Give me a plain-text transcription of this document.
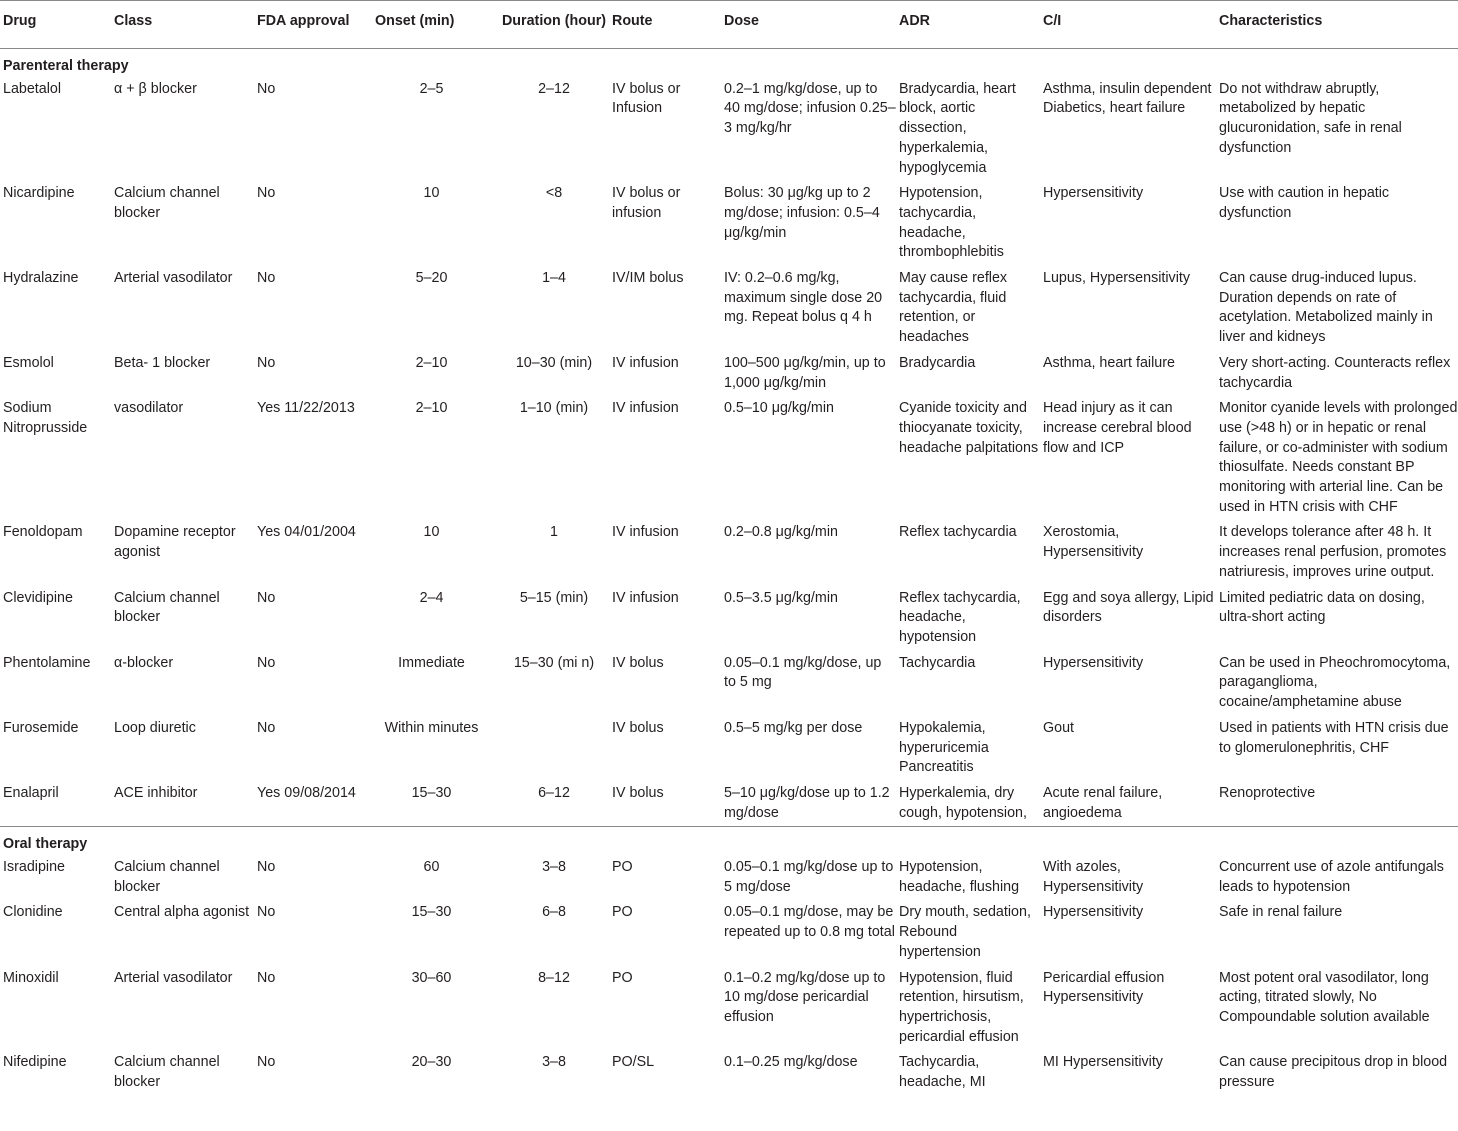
Drug	Class	FDA approval	Onset (min)	Duration (hour)	Route	Dose	ADR	C/I	Characteristics
Parenteral therapy									
Labetalol	α + β blocker	No	2–5	2–12	IV bolus or Infusion	0.2–1 mg/kg/dose, up to 40 mg/dose; infusion 0.25–3 mg/kg/hr	Bradycardia, heart block, aortic dissection, hyperkalemia, hypoglycemia	Asthma, insulin dependent Diabetics, heart failure	Do not withdraw abruptly, metabolized by hepatic glucuronidation, safe in renal dysfunction
Nicardipine	Calcium channel blocker	No	10	<8	IV bolus or infusion	Bolus: 30 μg/kg up to 2 mg/dose; infusion: 0.5–4 μg/kg/min	Hypotension, tachycardia, headache, thrombophlebitis	Hypersensitivity	Use with caution in hepatic dysfunction
Hydralazine	Arterial vasodilator	No	5–20	1–4	IV/IM bolus	IV: 0.2–0.6 mg/kg, maximum single dose 20 mg. Repeat bolus q 4 h	May cause reflex tachycardia, fluid retention, or headaches	Lupus, Hypersensitivity	Can cause drug-induced lupus. Duration depends on rate of acetylation. Metabolized mainly in liver and kidneys
Esmolol	Beta- 1 blocker	No	2–10	10–30 (min)	IV infusion	100–500 μg/kg/min, up to 1,000 μg/kg/min	Bradycardia	Asthma, heart failure	Very short-acting. Counteracts reflex tachycardia
Sodium Nitroprusside	vasodilator	Yes 11/22/2013	2–10	1–10 (min)	IV infusion	0.5–10 μg/kg/min	Cyanide toxicity and thiocyanate toxicity, headache palpitations	Head injury as it can increase cerebral blood flow and ICP	Monitor cyanide levels with prolonged use (>48 h) or in hepatic or renal failure, or co-administer with sodium thiosulfate. Needs constant BP monitoring with arterial line. Can be used in HTN crisis with CHF
Fenoldopam	Dopamine receptor agonist	Yes 04/01/2004	10	1	IV infusion	0.2–0.8 μg/kg/min	Reflex tachycardia	Xerostomia, Hypersensitivity	It develops tolerance after 48 h. It increases renal perfusion, promotes natriuresis, improves urine output.
Clevidipine	Calcium channel blocker	No	2–4	5–15 (min)	IV infusion	0.5–3.5 μg/kg/min	Reflex tachycardia, headache, hypotension	Egg and soya allergy, Lipid disorders	Limited pediatric data on dosing, ultra-short acting
Phentolamine	α-blocker	No	Immediate	15–30 (mi n)	IV bolus	0.05–0.1 mg/kg/dose, up to 5 mg	Tachycardia	Hypersensitivity	Can be used in Pheochromocytoma, paraganglioma, cocaine/amphetamine abuse
Furosemide	Loop diuretic	No	Within minutes		IV bolus	0.5–5 mg/kg per dose	Hypokalemia, hyperuricemia Pancreatitis	Gout	Used in patients with HTN crisis due to glomerulonephritis, CHF
Enalapril	ACE inhibitor	Yes 09/08/2014	15–30	6–12	IV bolus	5–10 μg/kg/dose up to 1.2 mg/dose	Hyperkalemia, dry cough, hypotension,	Acute renal failure, angioedema	Renoprotective
Oral therapy									
Isradipine	Calcium channel blocker	No	60	3–8	PO	0.05–0.1 mg/kg/dose up to 5 mg/dose	Hypotension, headache, flushing	With azoles, Hypersensitivity	Concurrent use of azole antifungals leads to hypotension
Clonidine	Central alpha agonist	No	15–30	6–8	PO	0.05–0.1 mg/dose, may be repeated up to 0.8 mg total	Dry mouth, sedation, Rebound hypertension	Hypersensitivity	Safe in renal failure
Minoxidil	Arterial vasodilator	No	30–60	8–12	PO	0.1–0.2 mg/kg/dose up to 10 mg/dose pericardial effusion	Hypotension, fluid retention, hirsutism, hypertrichosis, pericardial effusion	Pericardial effusion Hypersensitivity	Most potent oral vasodilator, long acting, titrated slowly, No Compoundable solution available
Nifedipine	Calcium channel blocker	No	20–30	3–8	PO/SL	0.1–0.25 mg/kg/dose	Tachycardia, headache, MI	MI Hypersensitivity	Can cause precipitous drop in blood pressure
